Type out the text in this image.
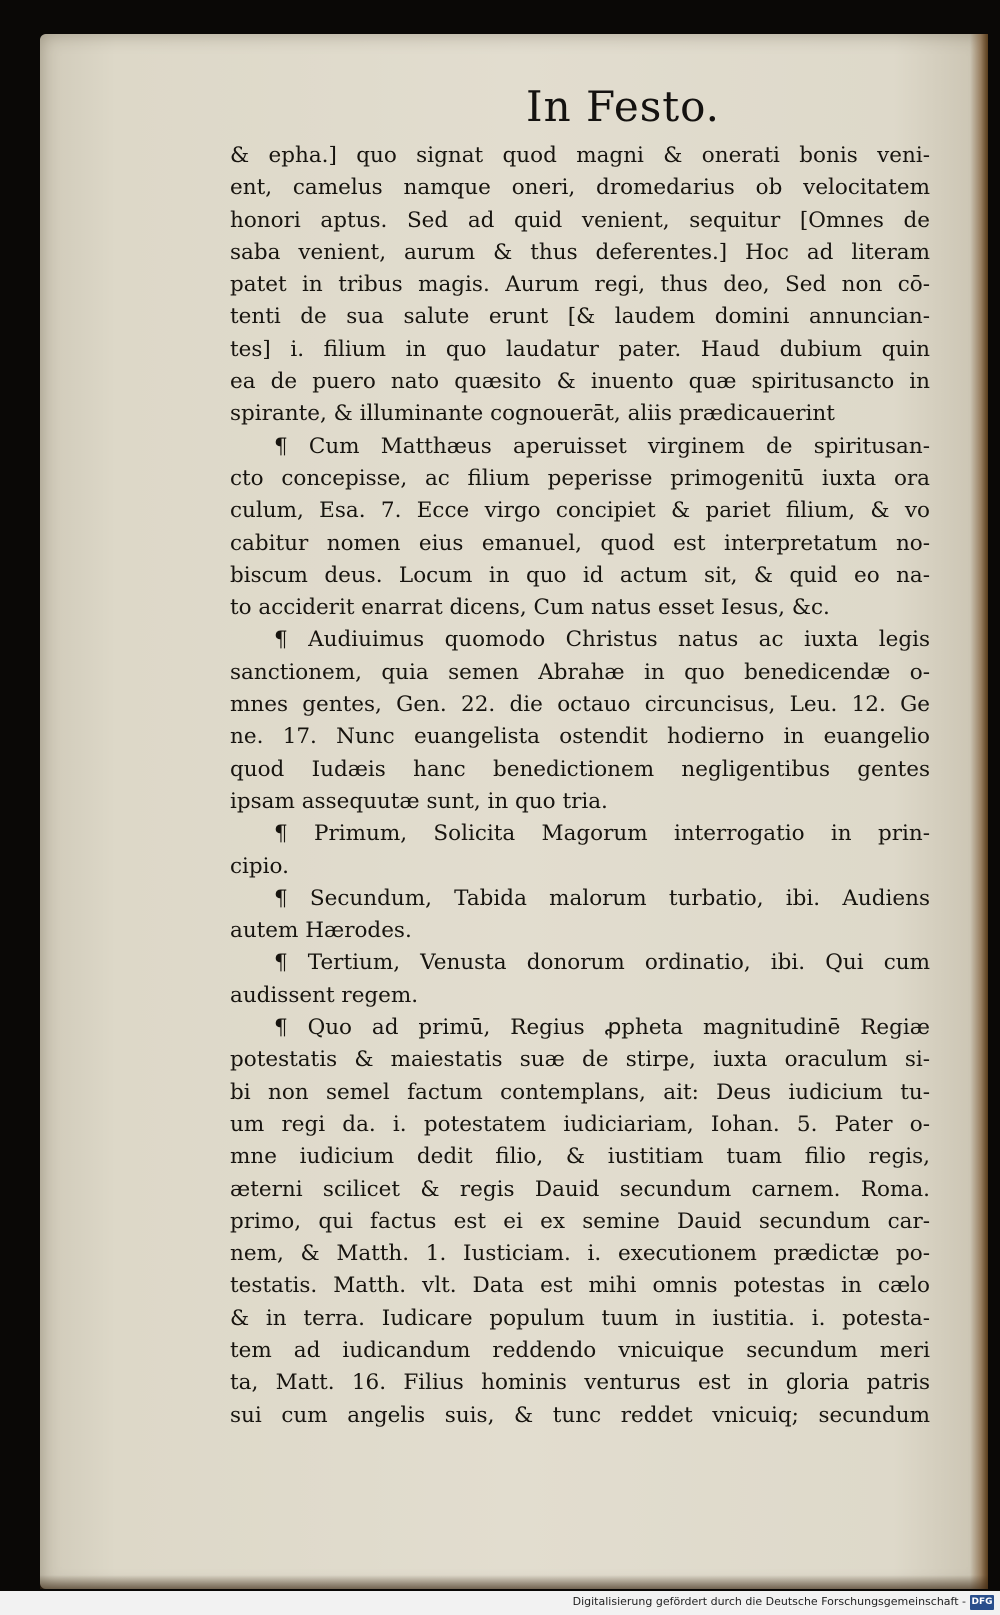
In Festo.
& epha.] quo signat quod magni & onerati bonis veni-
ent, camelus namque oneri, dromedarius ob velocitatem
honori aptus. Sed ad quid venient, sequitur [Omnes de
saba venient, aurum & thus deferentes.] Hoc ad literam
patet in tribus magis. Aurum regi, thus deo, Sed non cō-
tenti de sua salute erunt [& laudem domini annuncian-
tes] i. filium in quo laudatur pater. Haud dubium quin
ea de puero nato quæsito & inuento quæ spiritusancto in
spirante, & illuminante cognouerāt, aliis prædicauerint
¶ Cum Matthæus aperuisset virginem de spiritusan-
cto concepisse, ac filium peperisse primogenitū iuxta ora
culum, Esa. 7. Ecce virgo concipiet & pariet filium, & vo
cabitur nomen eius emanuel, quod est interpretatum no-
biscum deus. Locum in quo id actum sit, & quid eo na-
to acciderit enarrat dicens, Cum natus esset Iesus, &c.
¶ Audiuimus quomodo Christus natus ac iuxta legis
sanctionem, quia semen Abrahæ in quo benedicendæ o-
mnes gentes, Gen. 22. die octauo circuncisus, Leu. 12. Ge
ne. 17. Nunc euangelista ostendit hodierno in euangelio
quod Iudæis hanc benedictionem negligentibus gentes
ipsam assequutæ sunt, in quo tria.
¶ Primum, Solicita Magorum interrogatio in prin-
cipio.
¶ Secundum, Tabida malorum turbatio, ibi. Audiens
autem Hærodes.
¶ Tertium, Venusta donorum ordinatio, ibi. Qui cum
audissent regem.
¶ Quo ad primū, Regius ꝓpheta magnitudinē Regiæ
potestatis & maiestatis suæ de stirpe, iuxta oraculum si-
bi non semel factum contemplans, ait: Deus iudicium tu-
um regi da. i. potestatem iudiciariam, Iohan. 5. Pater o-
mne iudicium dedit filio, & iustitiam tuam filio regis,
æterni scilicet & regis Dauid secundum carnem. Roma.
primo, qui factus est ei ex semine Dauid secundum car-
nem, & Matth. 1. Iusticiam. i. executionem prædictæ po-
testatis. Matth. vlt. Data est mihi omnis potestas in cælo
& in terra. Iudicare populum tuum in iustitia. i. potesta-
tem ad iudicandum reddendo vnicuique secundum meri
ta, Matt. 16. Filius hominis venturus est in gloria patris
sui cum angelis suis, & tunc reddet vnicuiq; secundum
Digitalisierung gefördert durch die Deutsche Forschungsgemeinschaft - DFG
